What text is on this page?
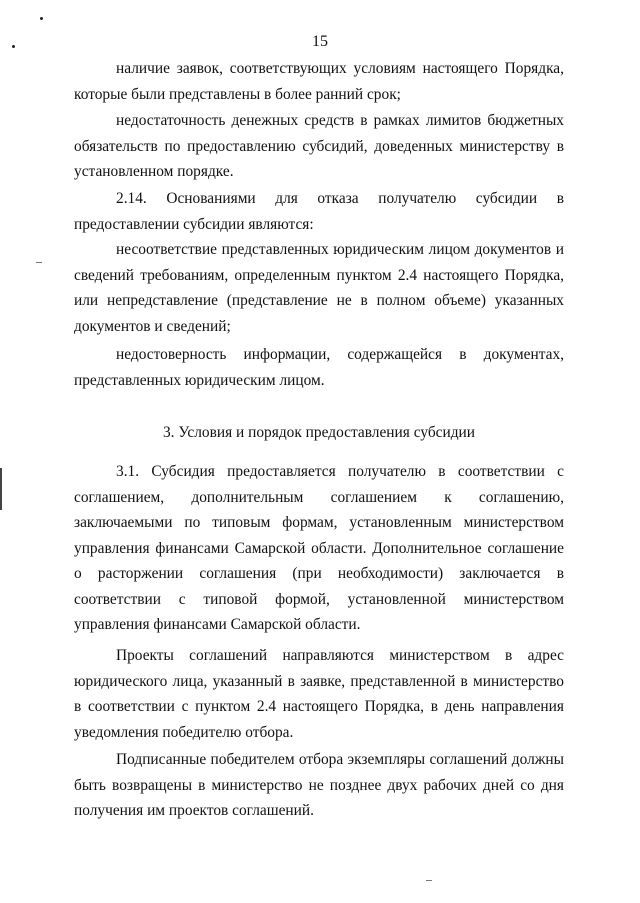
15
наличие заявок, соответствующих условиям настоящего Порядка, которые были представлены в более ранний срок;
недостаточность денежных средств в рамках лимитов бюджетных обязательств по предоставлению субсидий, доведенных министерству в установленном порядке.
2.14. Основаниями для отказа получателю субсидии в предоставлении субсидии являются:
несоответствие представленных юридическим лицом документов и сведений требованиям, определенным пунктом 2.4 настоящего Порядка, или непредставление (представление не в полном объеме) указанных документов и сведений;
недостоверность информации, содержащейся в документах, представленных юридическим лицом.
3. Условия и порядок предоставления субсидии
3.1. Субсидия предоставляется получателю в соответствии с соглашением, дополнительным соглашением к соглашению, заключаемыми по типовым формам, установленным министерством управления финансами Самарской области. Дополнительное соглашение о расторжении соглашения (при необходимости) заключается в соответствии с типовой формой, установленной министерством управления финансами Самарской области.
Проекты соглашений направляются министерством в адрес юридического лица, указанный в заявке, представленной в министерство в соответствии с пунктом 2.4 настоящего Порядка, в день направления уведомления победителю отбора.
Подписанные победителем отбора экземпляры соглашений должны быть возвращены в министерство не позднее двух рабочих дней со дня получения им проектов соглашений.
